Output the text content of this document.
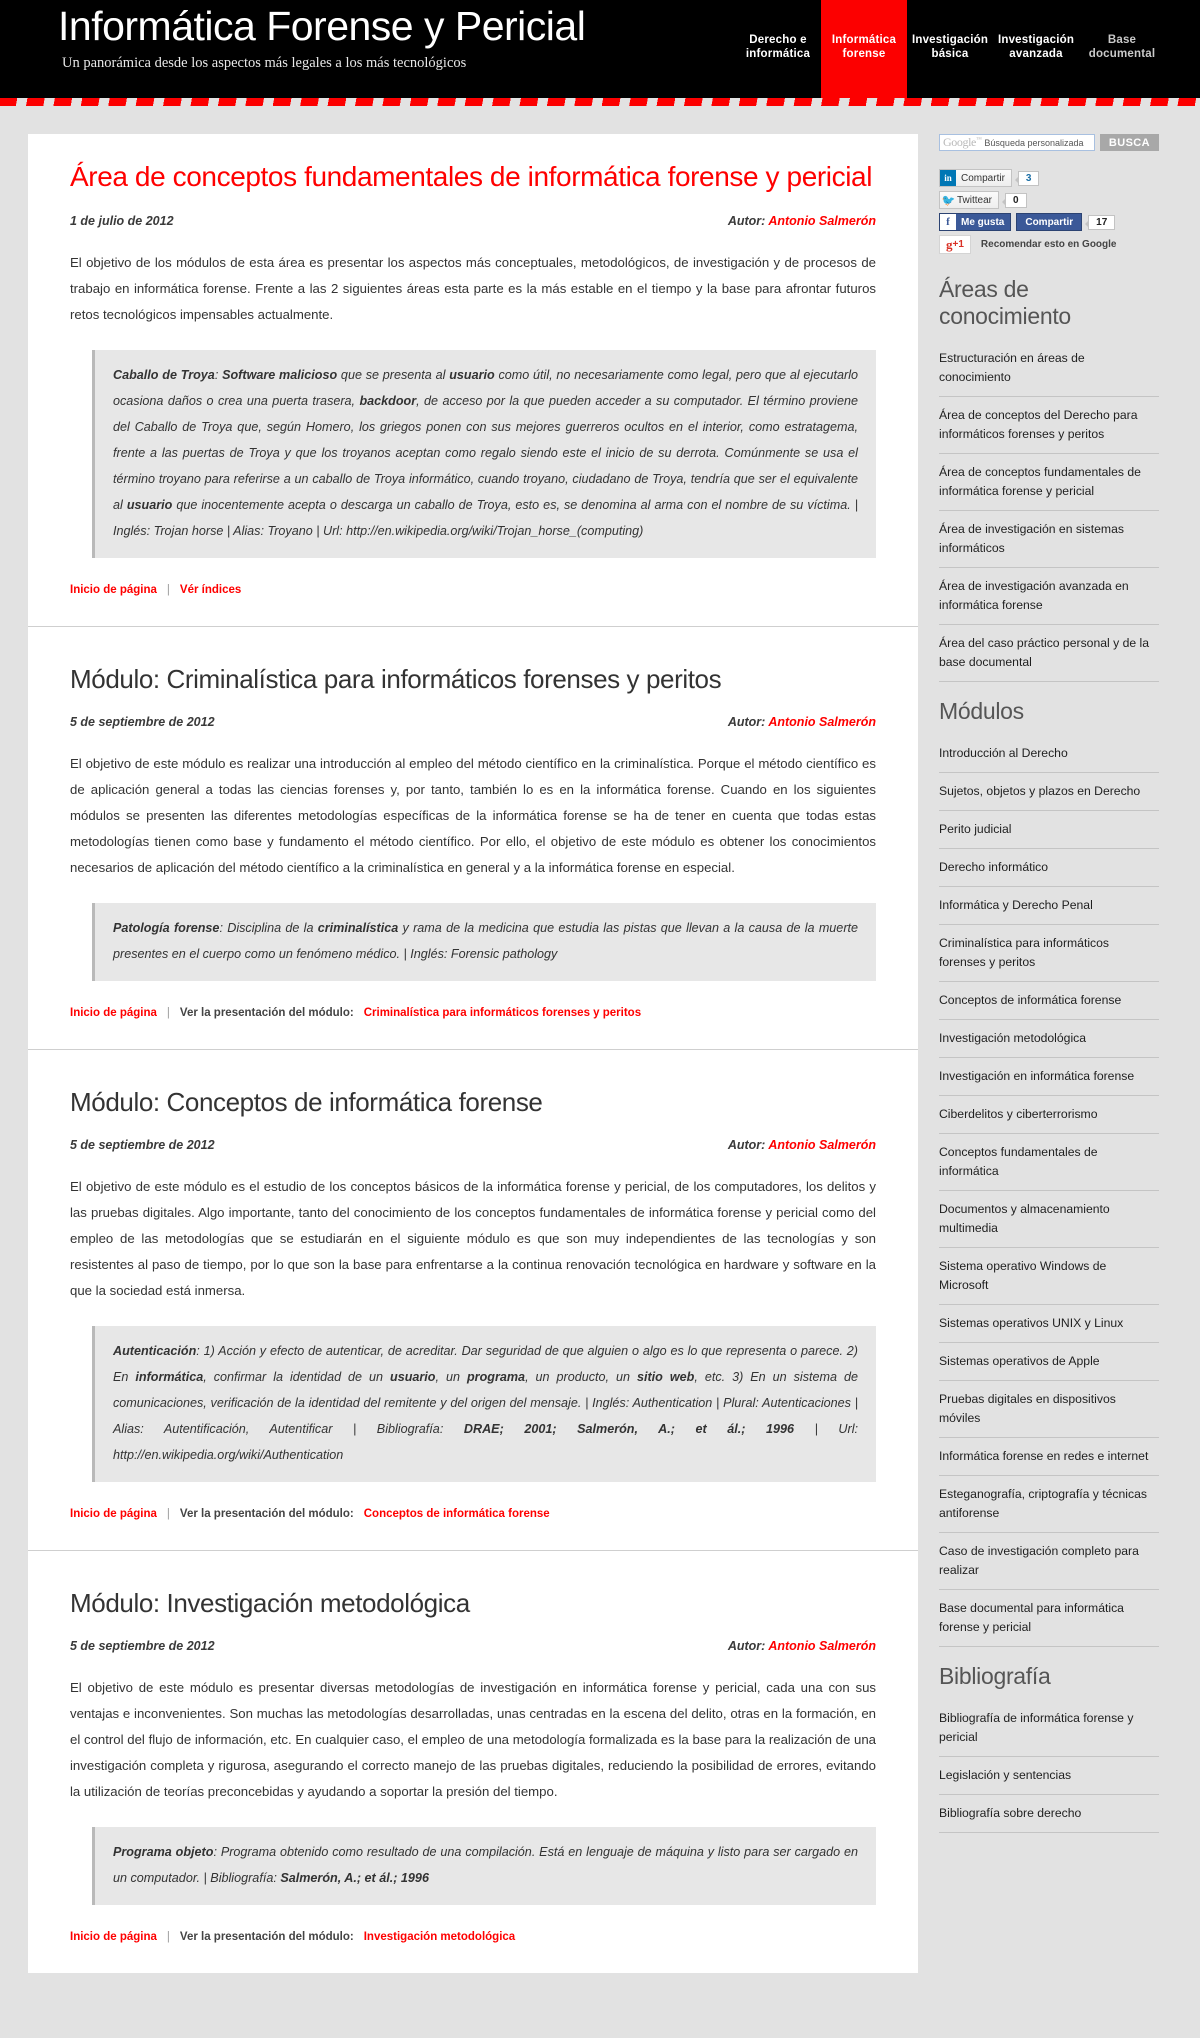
Informática Forense y Pericial
Un panorámica desde los aspectos más legales a los más tecnológicos
Derecho e
informática
Informática
forense
Investigación
básica
Investigación
avanzada
Base
documental
Área de conceptos fundamentales de informática forense y pericial
1 de julio de 2012	Autor: Antonio Salmerón

El objetivo de los módulos de esta área es presentar los aspectos más conceptuales, metodológicos, de investigación y de procesos de trabajo en informática forense. Frente a las 2 siguientes áreas esta parte es la más estable en el tiempo y la base para afrontar futuros retos tecnológicos impensables actualmente.

Caballo de Troya: Software malicioso que se presenta al usuario como útil, no necesariamente como legal, pero que al ejecutarlo ocasiona daños o crea una puerta trasera, backdoor, de acceso por la que pueden acceder a su computador. El término proviene del Caballo de Troya que, según Homero, los griegos ponen con sus mejores guerreros ocultos en el interior, como estratagema, frente a las puertas de Troya y que los troyanos aceptan como regalo siendo este el inicio de su derrota. Comúnmente se usa el término troyano para referirse a un caballo de Troya informático, cuando troyano, ciudadano de Troya, tendría que ser el equivalente al usuario que inocentemente acepta o descarga un caballo de Troya, esto es, se denomina al arma con el nombre de su víctima. | Inglés: Trojan horse | Alias: Troyano | Url: http://en.wikipedia.org/wiki/Trojan_horse_(computing)
Inicio de página | Vér índices
Módulo: Criminalística para informáticos forenses y peritos
5 de septiembre de 2012	Autor: Antonio Salmerón

El objetivo de este módulo es realizar una introducción al empleo del método científico en la criminalística. Porque el método científico es de aplicación general a todas las ciencias forenses y, por tanto, también lo es en la informática forense. Cuando en los siguientes módulos se presenten las diferentes metodologías específicas de la informática forense se ha de tener en cuenta que todas estas metodologías tienen como base y fundamento el método científico. Por ello, el objetivo de este módulo es obtener los conocimientos necesarios de aplicación del método científico a la criminalística en general y a la informática forense en especial.

Patología forense: Disciplina de la criminalística y rama de la medicina que estudia las pistas que llevan a la causa de la muerte presentes en el cuerpo como un fenómeno médico. | Inglés: Forensic pathology
Inicio de página | Ver la presentación del módulo: Criminalística para informáticos forenses y peritos
Módulo: Conceptos de informática forense
5 de septiembre de 2012	Autor: Antonio Salmerón

El objetivo de este módulo es el estudio de los conceptos básicos de la informática forense y pericial, de los computadores, los delitos y las pruebas digitales. Algo importante, tanto del conocimiento de los conceptos fundamentales de informática forense y pericial como del empleo de las metodologías que se estudiarán en el siguiente módulo es que son muy independientes de las tecnologías y son resistentes al paso de tiempo, por lo que son la base para enfrentarse a la continua renovación tecnológica en hardware y software en la que la sociedad está inmersa.

Autenticación: 1) Acción y efecto de autenticar, de acreditar. Dar seguridad de que alguien o algo es lo que representa o parece. 2) En informática, confirmar la identidad de un usuario, un programa, un producto, un sitio web, etc. 3) En un sistema de comunicaciones, verificación de la identidad del remitente y del origen del mensaje. | Inglés: Authentication | Plural: Autenticaciones | Alias: Autentificación, Autentificar | Bibliografía: DRAE; 2001; Salmerón, A.; et ál.; 1996 | Url: http://en.wikipedia.org/wiki/Authentication
Inicio de página | Ver la presentación del módulo: Conceptos de informática forense
Módulo: Investigación metodológica
5 de septiembre de 2012	Autor: Antonio Salmerón

El objetivo de este módulo es presentar diversas metodologías de investigación en informática forense y pericial, cada una con sus ventajas e inconvenientes. Son muchas las metodologías desarrolladas, unas centradas en la escena del delito, otras en la formación, en el control del flujo de información, etc. En cualquier caso, el empleo de una metodología formalizada es la base para la realización de una investigación completa y rigurosa, asegurando el correcto manejo de las pruebas digitales, reduciendo la posibilidad de errores, evitando la utilización de teorías preconcebidas y ayudando a soportar la presión del tiempo.

Programa objeto: Programa obtenido como resultado de una compilación. Está en lenguaje de máquina y listo para ser cargado en un computador. | Bibliografía: Salmerón, A.; et ál.; 1996
Inicio de página | Ver la presentación del módulo: Investigación metodológica
Google™ Búsqueda personalizada	BUSCA
in Compartir	3
🐦 Twittear	0
f	Me gusta	Compartir	17
g +1 Recomendar esto en Google
Áreas de conocimiento
Estructuración en áreas de conocimiento
Área de conceptos del Derecho para informáticos forenses y peritos
Área de conceptos fundamentales de informática forense y pericial
Área de investigación en sistemas informáticos
Área de investigación avanzada en informática forense
Área del caso práctico personal y de la base documental
Módulos
Introducción al Derecho
Sujetos, objetos y plazos en Derecho
Perito judicial
Derecho informático
Informática y Derecho Penal
Criminalística para informáticos forenses y peritos
Conceptos de informática forense
Investigación metodológica
Investigación en informática forense
Ciberdelitos y ciberterrorismo
Conceptos fundamentales de informática
Documentos y almacenamiento multimedia
Sistema operativo Windows de Microsoft
Sistemas operativos UNIX y Linux
Sistemas operativos de Apple
Pruebas digitales en dispositivos móviles
Informática forense en redes e internet
Esteganografía, criptografía y técnicas antiforense
Caso de investigación completo para realizar
Base documental para informática forense y pericial
Bibliografía
Bibliografía de informática forense y pericial
Legislación y sentencias
Bibliografía sobre derecho
